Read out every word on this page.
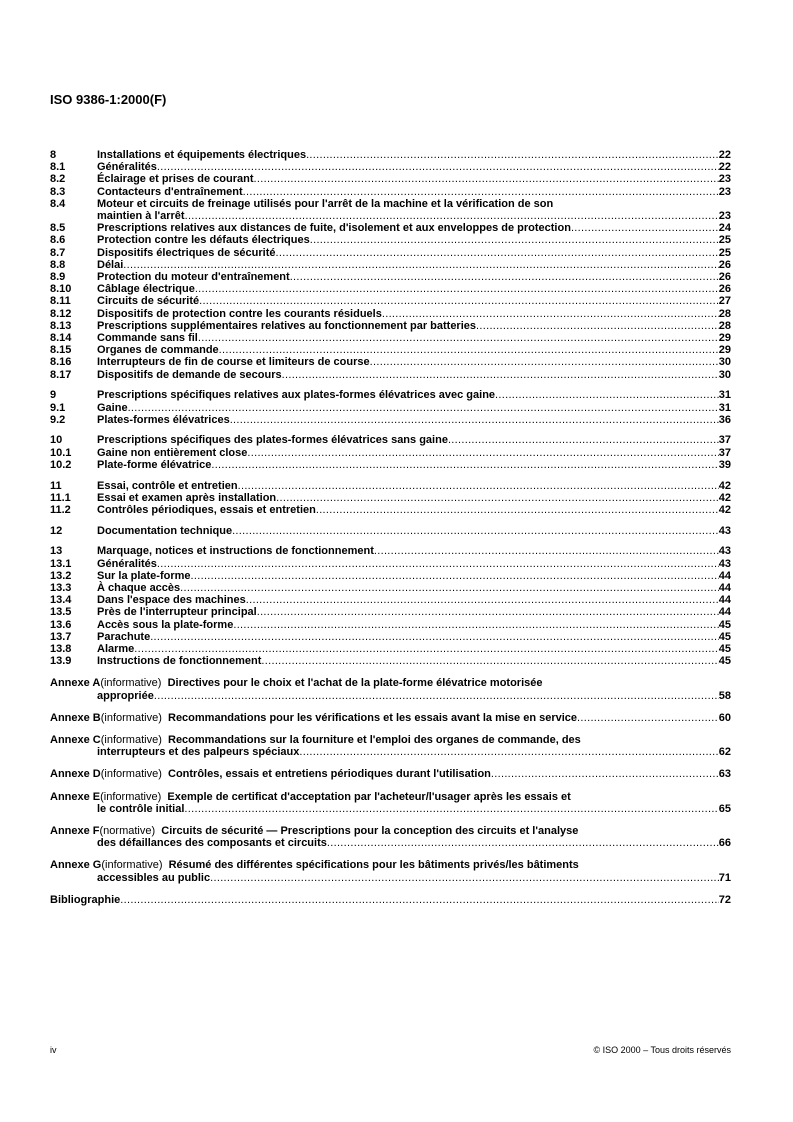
ISO 9386-1:2000(F)
8	Installations et équipements électriques .....	22
8.1	Généralités .....	22
8.2	Éclairage et prises de courant .....	23
8.3	Contacteurs d'entraînement .....	23
8.4	Moteur et circuits de freinage utilisés pour l'arrêt de la machine et la vérification de son
maintien à l'arrêt .....	23
8.5	Prescriptions relatives aux distances de fuite, d'isolement et aux enveloppes de protection .....	24
8.6	Protection contre les défauts électriques .....	25
8.7	Dispositifs électriques de sécurité .....	25
8.8	Délai .....	26
8.9	Protection du moteur d'entraînement .....	26
8.10	Câblage électrique .....	26
8.11	Circuits de sécurité .....	27
8.12	Dispositifs de protection contre les courants résiduels .....	28
8.13	Prescriptions supplémentaires relatives au fonctionnement par batteries .....	28
8.14	Commande sans fil .....	29
8.15	Organes de commande .....	29
8.16	Interrupteurs de fin de course et limiteurs de course .....	30
8.17	Dispositifs de demande de secours .....	30
9	Prescriptions spécifiques relatives aux plates-formes élévatrices avec gaine .....	31
9.1	Gaine .....	31
9.2	Plates-formes élévatrices .....	36
10	Prescriptions spécifiques des plates-formes élévatrices sans gaine .....	37
10.1	Gaine non entièrement close .....	37
10.2	Plate-forme élévatrice .....	39
11	Essai, contrôle et entretien .....	42
11.1	Essai et examen après installation .....	42
11.2	Contrôles périodiques, essais et entretien .....	42
12	Documentation technique .....	43
13	Marquage, notices et instructions de fonctionnement .....	43
13.1	Généralités .....	43
13.2	Sur la plate-forme .....	44
13.3	À chaque accès .....	44
13.4	Dans l'espace des machines .....	44
13.5	Près de l'interrupteur principal .....	44
13.6	Accès sous la plate-forme .....	45
13.7	Parachute .....	45
13.8	Alarme .....	45
13.9	Instructions de fonctionnement .....	45
Annexe A (informative)
Directives pour le choix et l'achat de la plate-forme élévatrice motorisée
appropriée .....	58
Annexe B (informative)
Recommandations pour les vérifications et les essais avant la mise en service .....	60
Annexe C (informative)
Recommandations sur la fourniture et l'emploi des organes de commande, des
interrupteurs et des palpeurs spéciaux .....	62
Annexe D (informative)
Contrôles, essais et entretiens périodiques durant l'utilisation .....	63
Annexe E (informative)
Exemple de certificat d'acceptation par l'acheteur/l'usager après les essais et
le contrôle initial .....	65
Annexe F (normative)
Circuits de sécurité — Prescriptions pour la conception des circuits et l'analyse
des défaillances des composants et circuits .....	66
Annexe G (informative)
Résumé des différentes spécifications pour les bâtiments privés/les bâtiments
accessibles au public .....	71
Bibliographie .....	72
iv	© ISO 2000 – Tous droits réservés
